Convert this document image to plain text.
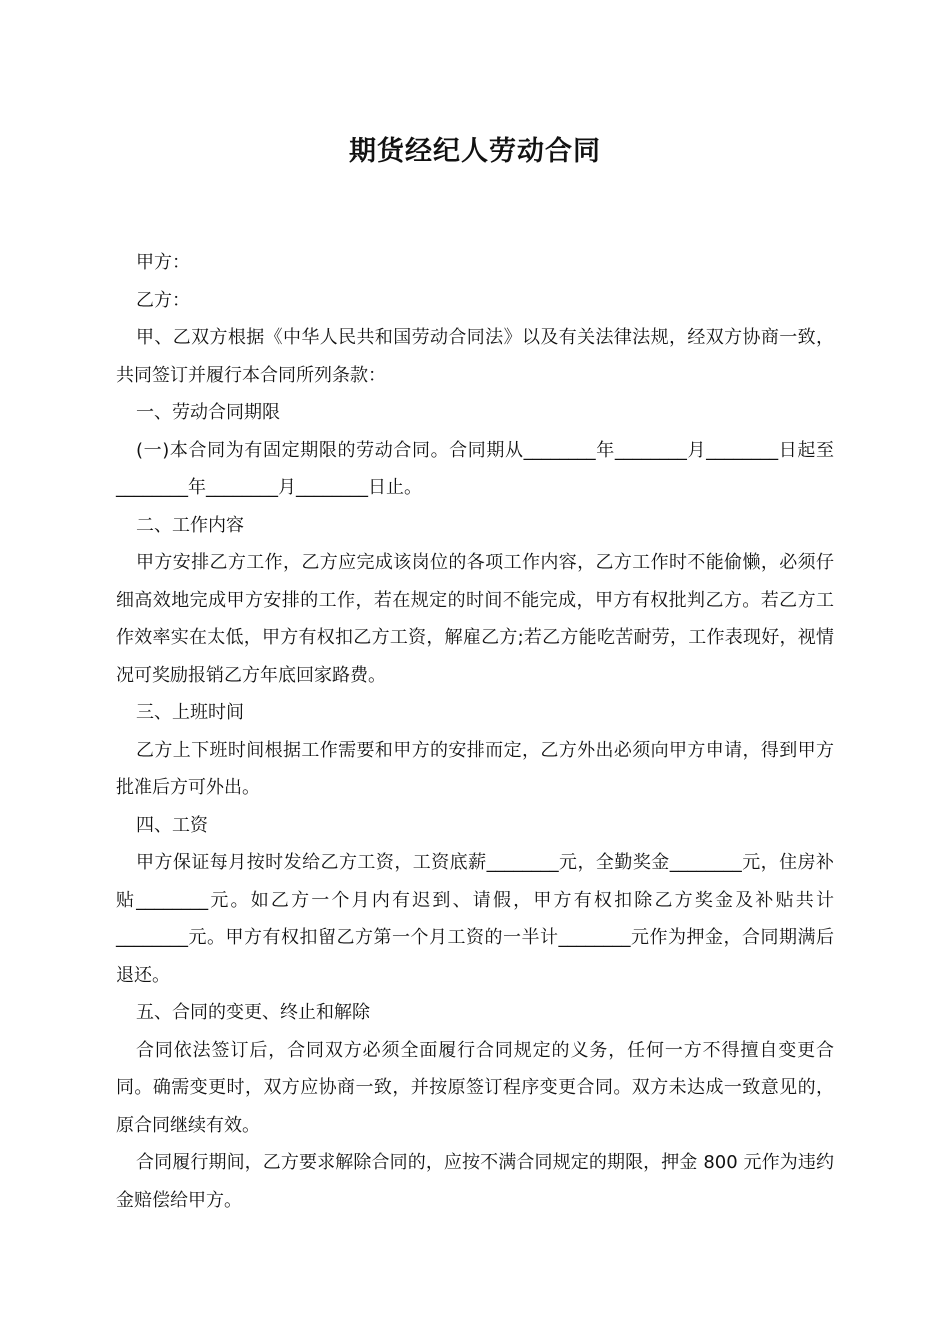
期货经纪人劳动合同

甲方：

乙方：

甲、乙双方根据《中华人民共和国劳动合同法》以及有关法律法规，经双方协商一致，共同签订并履行本合同所列条款：

一、劳动合同期限

(一)本合同为有固定期限的劳动合同。合同期从________年________月________日起至________年________月________日止。

二、工作内容

甲方安排乙方工作，乙方应完成该岗位的各项工作内容，乙方工作时不能偷懒，必须仔细高效地完成甲方安排的工作，若在规定的时间不能完成，甲方有权批判乙方。若乙方工作效率实在太低，甲方有权扣乙方工资，解雇乙方;若乙方能吃苦耐劳，工作表现好，视情况可奖励报销乙方年底回家路费。

三、上班时间

乙方上下班时间根据工作需要和甲方的安排而定，乙方外出必须向甲方申请，得到甲方批准后方可外出。

四、工资

甲方保证每月按时发给乙方工资，工资底薪________元，全勤奖金________元，住房补贴________元。如乙方一个月内有迟到、请假，甲方有权扣除乙方奖金及补贴共计________元。甲方有权扣留乙方第一个月工资的一半计________元作为押金，合同期满后退还。

五、合同的变更、终止和解除

合同依法签订后，合同双方必须全面履行合同规定的义务，任何一方不得擅自变更合同。确需变更时，双方应协商一致，并按原签订程序变更合同。双方未达成一致意见的，原合同继续有效。

合同履行期间，乙方要求解除合同的，应按不满合同规定的期限，押金 800 元作为违约金赔偿给甲方。
